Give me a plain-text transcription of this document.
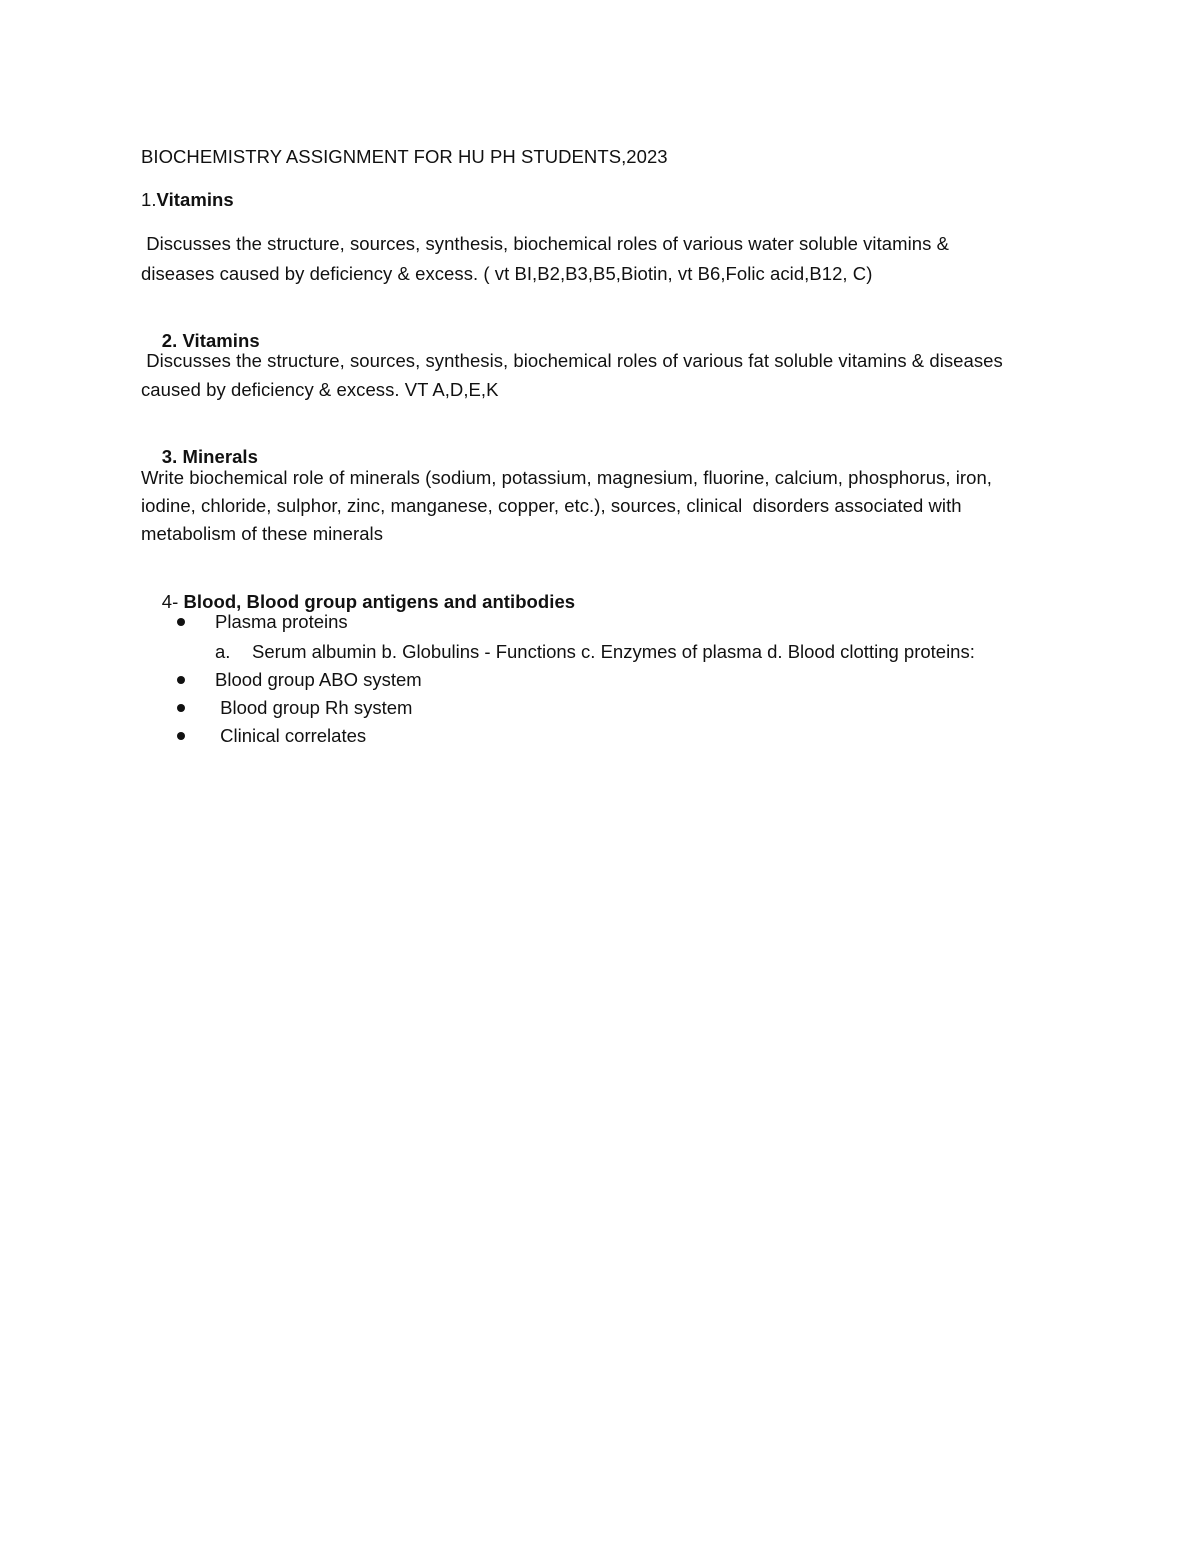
BIOCHEMISTRY ASSIGNMENT FOR HU PH STUDENTS,2023
1.Vitamins
Discusses the structure, sources, synthesis, biochemical roles of various water soluble vitamins &
diseases caused by deficiency & excess. ( vt BI,B2,B3,B5,Biotin, vt B6,Folic acid,B12, C)

2. Vitamins

Discusses the structure, sources, synthesis, biochemical roles of various fat soluble vitamins & diseases
caused by deficiency & excess. VT A,D,E,K

3. Minerals

Write biochemical role of minerals (sodium, potassium, magnesium, fluorine, calcium, phosphorus, iron,
iodine, chloride, sulphor, zinc, manganese, copper, etc.), sources, clinical  disorders associated with
metabolism of these minerals

4- Blood, Blood group antigens and antibodies

Plasma proteins
a. Serum albumin b. Globulins - Functions c. Enzymes of plasma d. Blood clotting proteins:
Blood group ABO system
Blood group Rh system
Clinical correlates
